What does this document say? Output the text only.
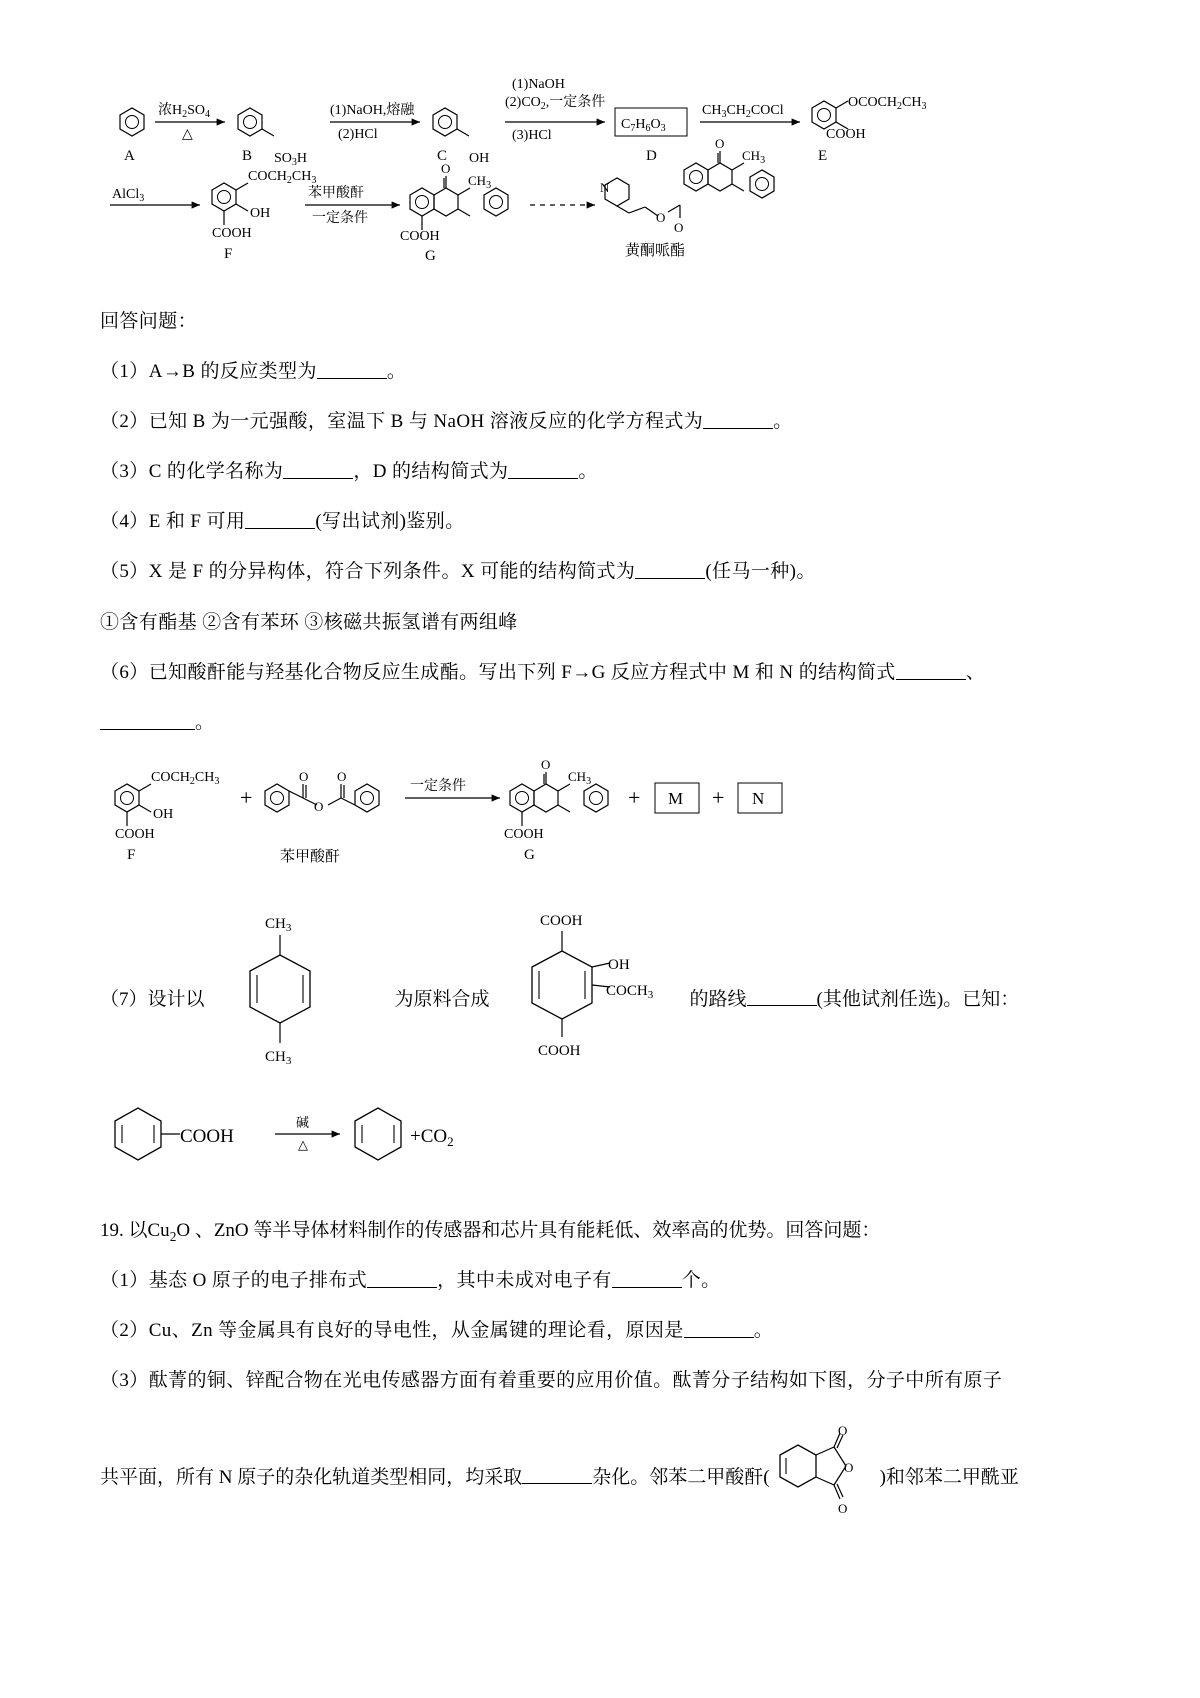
A
浓$H_2SO_4$
△
$SO_3H$
B
(1)NaOH,熔融
(2)HCl
OH
C
(1)NaOH
$(2)CO_2$,一定条件
(3)HCl
$C_7H_6O_3$
D
$CH_3CH_2COCl$
$OCOCH_2CH_3$
COOH
E
AlCl$_3$
$COCH_2CH_3$
OH
COOH
F
苯甲酸酐
一定条件
O
$CH_3$
COOH
G
N
O
O
O
$CH_3$
黄酮哌酯
回答问题：
（1）A→B 的反应类型为	。
（2）已知 B 为一元强酸，室温下 B 与 NaOH 溶液反应的化学方程式为	。
（3）C 的化学名称为	，D 的结构简式为	。
（4）E 和 F 可用	(写出试剂)鉴别。
（5）X 是 F 的分异构体，符合下列条件。X 可能的结构简式为	(任马一种)。
①含有酯基 ②含有苯环 ③核磁共振氢谱有两组峰
（6）已知酸酐能与羟基化合物反应生成酯。写出下列 F→G 反应方程式中 M 和 N 的结构简式	、
。
$COCH_2CH_3$
OH
COOH
F
+
O
O
O
苯甲酸酐
一定条件
O
$CH_3$
COOH
G
+ M + N
（7）设计以
$CH_3$
$CH_3$
为原料合成
COOH
OH
$COCH_3$
COOH
的路线	(其他试剂任选)。已知：
COOH
碱
△	$+CO_2$
19. 以$Cu_2O$ 、ZnO 等半导体材料制作的传感器和芯片具有能耗低、效率高的优势。回答问题：
（1）基态 O 原子的电子排布式	，其中未成对电子有	个。
（2）Cu、Zn 等金属具有良好的导电性，从金属键的理论看，原因是	。
（3）酞菁的铜、锌配合物在光电传感器方面有着重要的应用价值。酞菁分子结构如下图，分子中所有原子
共平面，所有 N 原子的杂化轨道类型相同，均采取	杂化。邻苯二甲酸酐(	O
O
O
)和邻苯二甲酰亚
